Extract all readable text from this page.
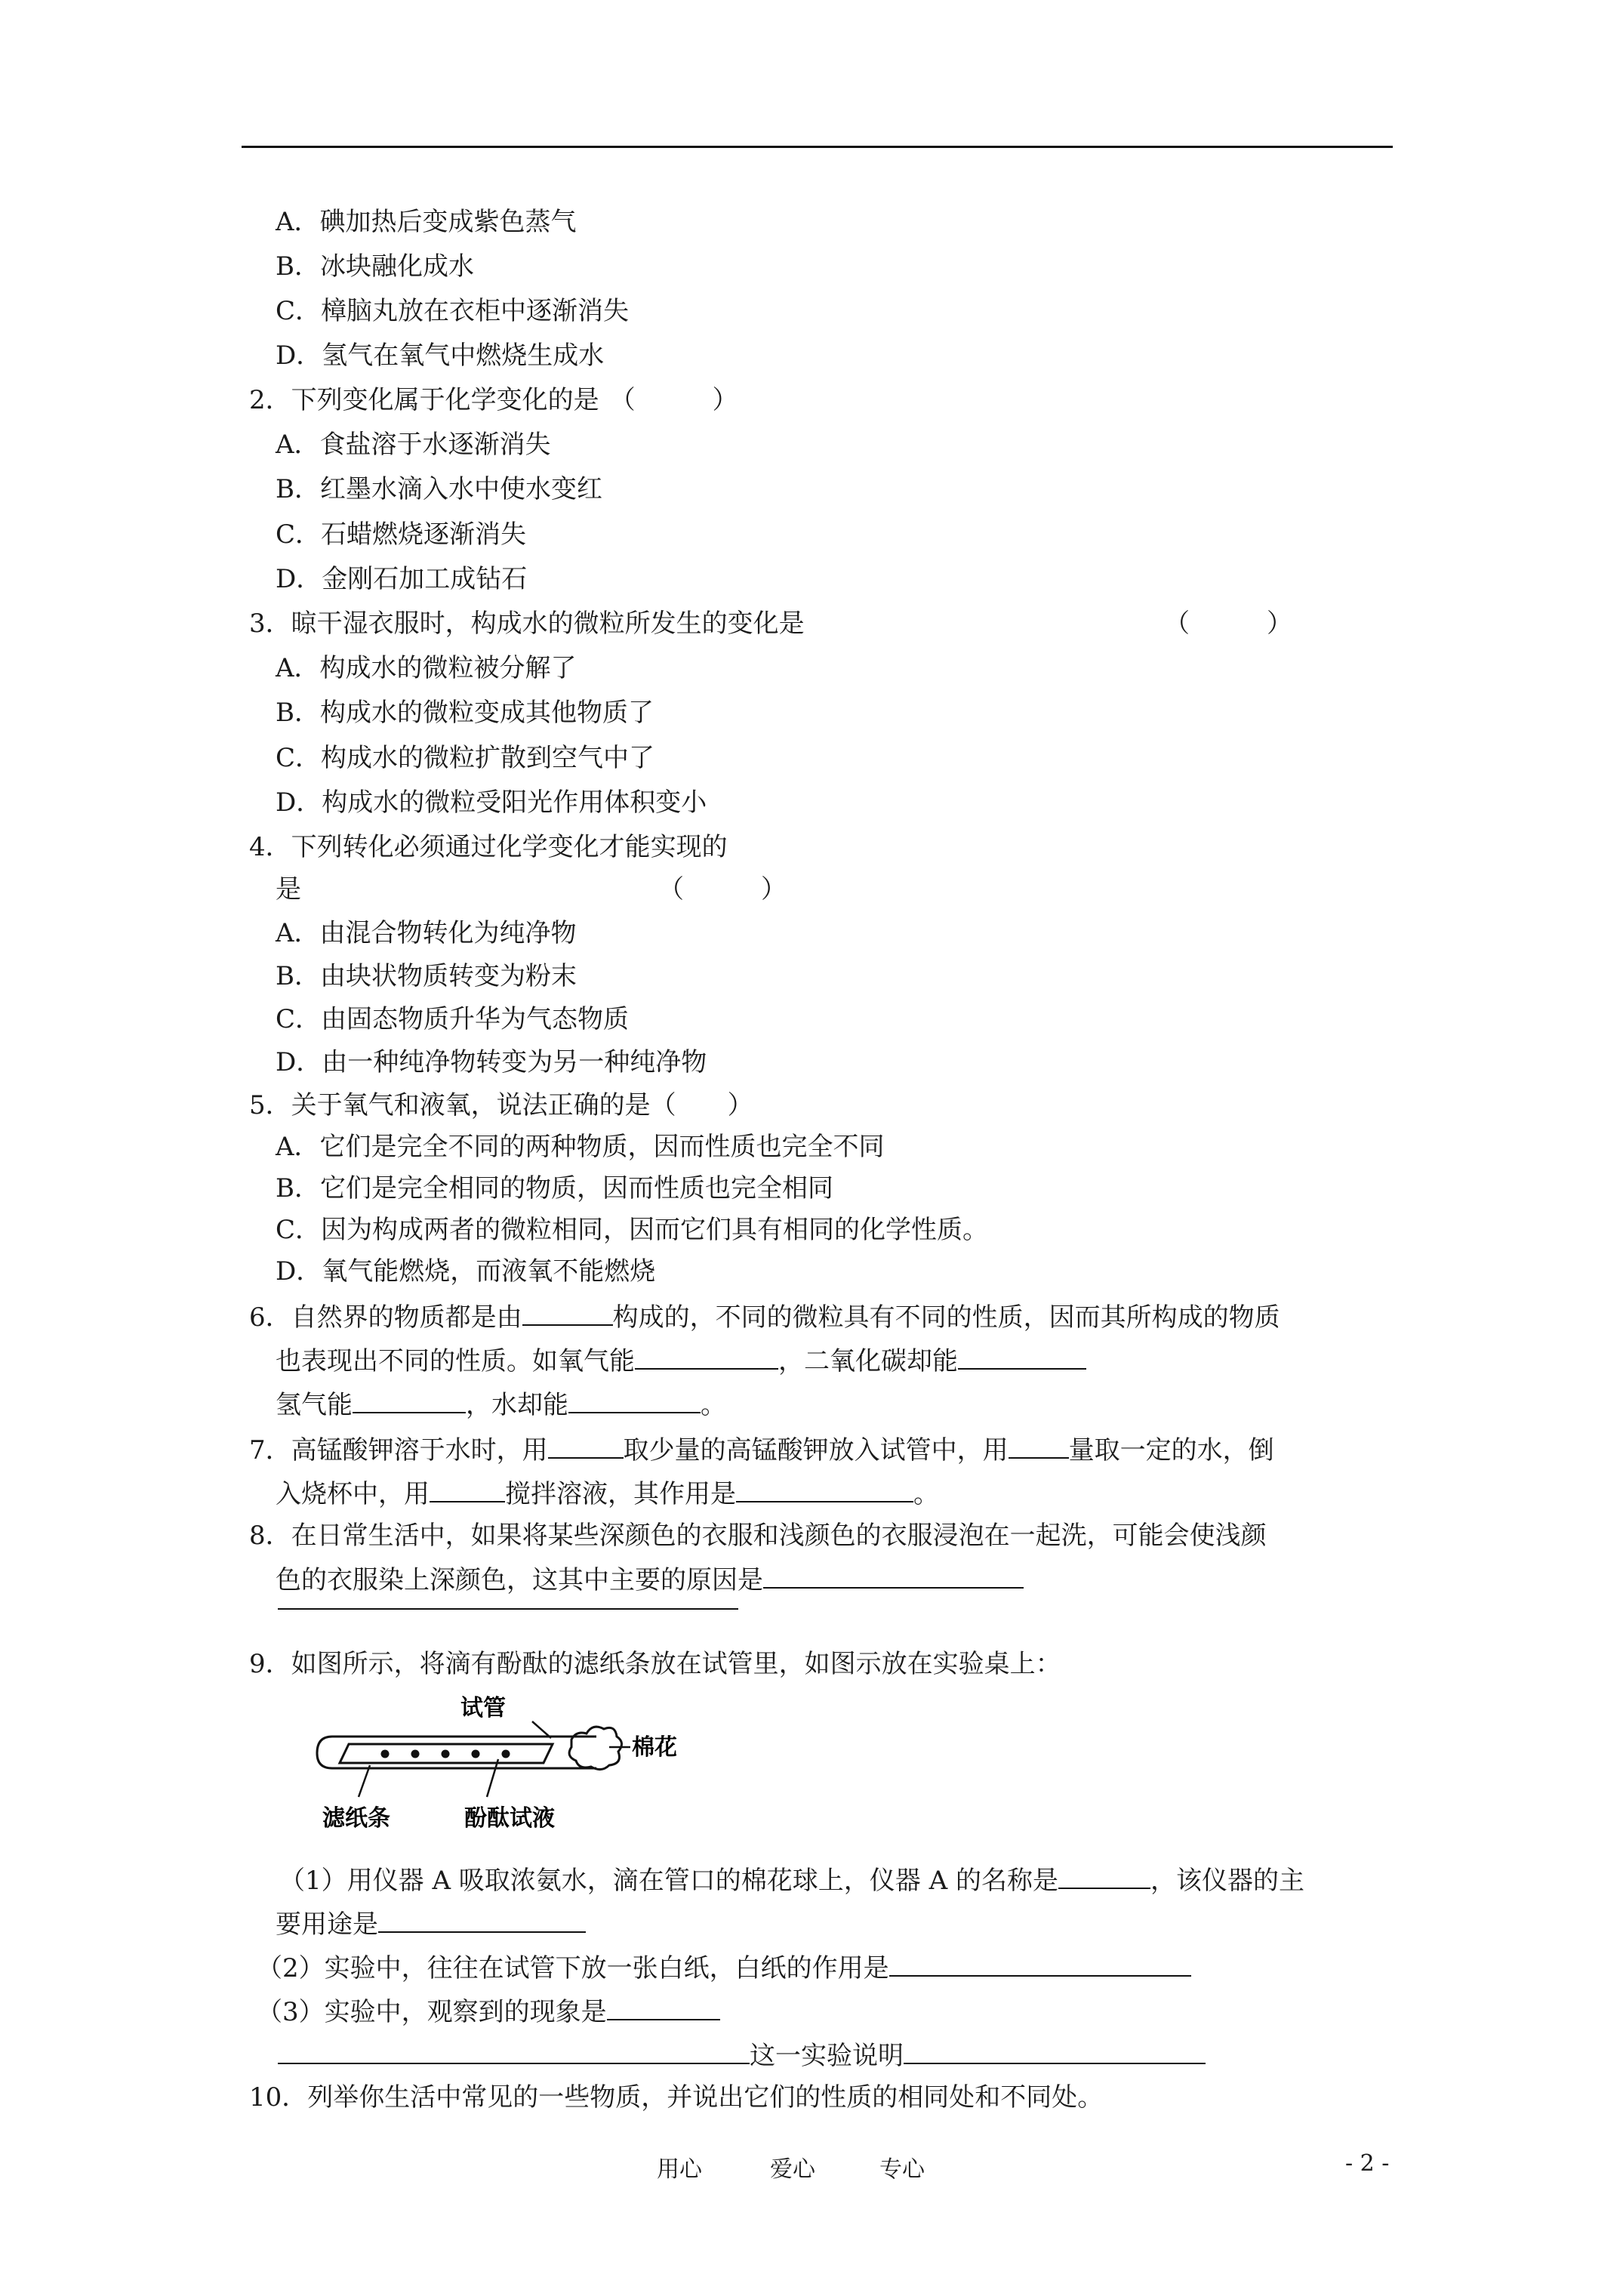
A．碘加热后变成紫色蒸气
B．冰块融化成水
C．樟脑丸放在衣柜中逐渐消失
D．氢气在氧气中燃烧生成水
2．下列变化属于化学变化的是 （　　　）
A．食盐溶于水逐渐消失
B．红墨水滴入水中使水变红
C．石蜡燃烧逐渐消失
D．金刚石加工成钻石
3．晾干湿衣服时，构成水的微粒所发生的变化是	（　　　）
A．构成水的微粒被分解了
B．构成水的微粒变成其他物质了
C．构成水的微粒扩散到空气中了
D．构成水的微粒受阳光作用体积变小
4．下列转化必须通过化学变化才能实现的
是	（　　　）
A．由混合物转化为纯净物
B．由块状物质转变为粉末
C．由固态物质升华为气态物质
D．由一种纯净物转变为另一种纯净物
5．关于氧气和液氧，说法正确的是（　　）
A．它们是完全不同的两种物质，因而性质也完全不同
B．它们是完全相同的物质，因而性质也完全相同
C．因为构成两者的微粒相同，因而它们具有相同的化学性质。
D．氧气能燃烧，而液氧不能燃烧
6．自然界的物质都是由	构成的，不同的微粒具有不同的性质，因而其所构成的物质
也表现出不同的性质。如氧气能	，二氧化碳却能
氢气能	，水却能	。
7．高锰酸钾溶于水时，用	取少量的高锰酸钾放入试管中，用 量取一定的水，倒
入烧杯中，用	搅拌溶液，其作用是	。
8．在日常生活中，如果将某些深颜色的衣服和浅颜色的衣服浸泡在一起洗，可能会使浅颜
色的衣服染上深颜色，这其中主要的原因是
9．如图所示，将滴有酚酞的滤纸条放在试管里，如图示放在实验桌上：
试管
棉花
滤纸条	酚酞试液
（1）用仪器 A 吸取浓氨水，滴在管口的棉花球上，仪器 A 的名称是	，该仪器的主
要用途是
（2）实验中，往往在试管下放一张白纸，白纸的作用是
（3）实验中，观察到的现象是
这一实验说明
10．列举你生活中常见的一些物质，并说出它们的性质的相同处和不同处。
用心	爱心	专心	- 2 -
